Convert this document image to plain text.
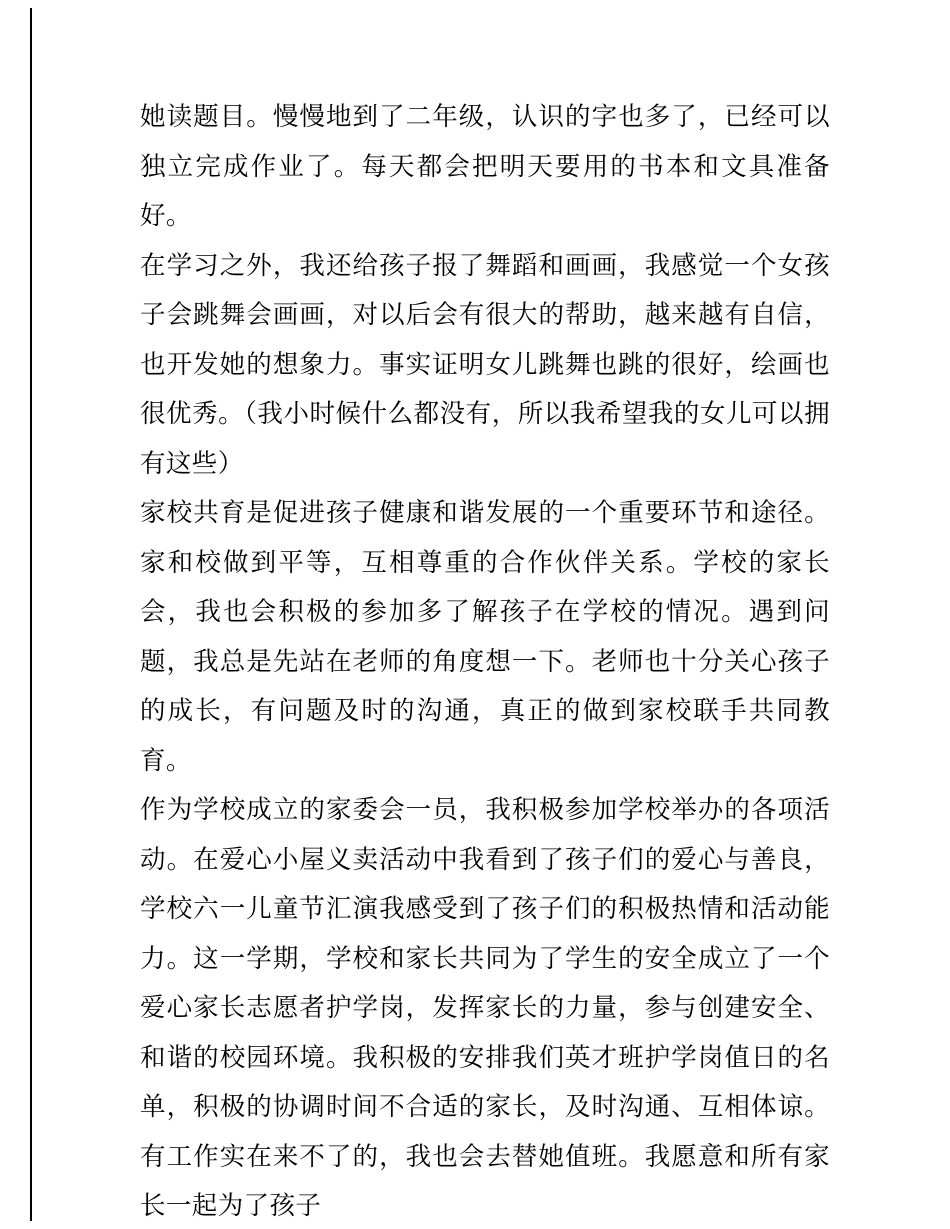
她读题目。慢慢地到了二年级，认识的字也多了，已经可以独立完成作业了。每天都会把明天要用的书本和文具准备好。

在学习之外，我还给孩子报了舞蹈和画画，我感觉一个女孩子会跳舞会画画，对以后会有很大的帮助，越来越有自信，也开发她的想象力。事实证明女儿跳舞也跳的很好，绘画也很优秀。（我小时候什么都没有，所以我希望我的女儿可以拥有这些）

家校共育是促进孩子健康和谐发展的一个重要环节和途径。家和校做到平等，互相尊重的合作伙伴关系。学校的家长会，我也会积极的参加多了解孩子在学校的情况。遇到问题，我总是先站在老师的角度想一下。老师也十分关心孩子的成长，有问题及时的沟通，真正的做到家校联手共同教育。

作为学校成立的家委会一员，我积极参加学校举办的各项活动。在爱心小屋义卖活动中我看到了孩子们的爱心与善良，学校六一儿童节汇演我感受到了孩子们的积极热情和活动能力。这一学期，学校和家长共同为了学生的安全成立了一个爱心家长志愿者护学岗，发挥家长的力量，参与创建安全、和谐的校园环境。我积极的安排我们英才班护学岗值日的名单，积极的协调时间不合适的家长，及时沟通、互相体谅。有工作实在来不了的，我也会去替她值班。我愿意和所有家长一起为了孩子
